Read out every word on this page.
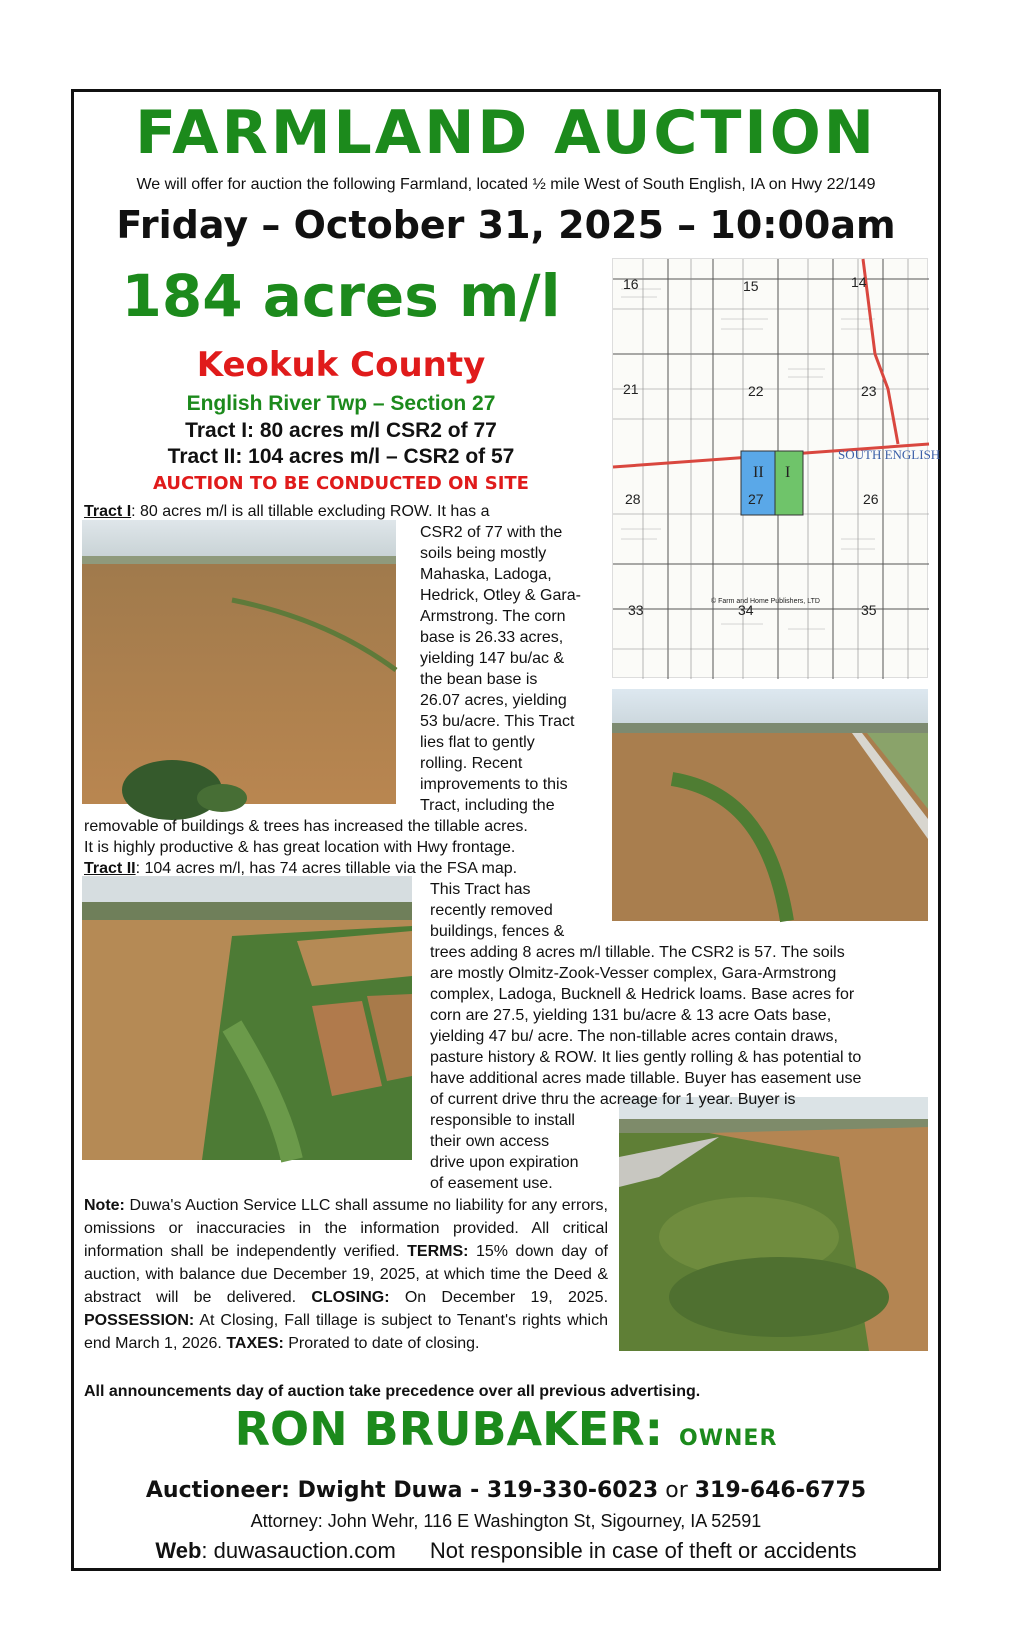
FARMLAND AUCTION
We will offer for auction the following Farmland, located ½ mile West of South English, IA on Hwy 22/149
Friday – October 31, 2025 – 10:00am
184 acres m/l
Keokuk County
English River Twp – Section 27
Tract I: 80 acres m/l CSR2 of 77
Tract II: 104 acres m/l – CSR2 of 57
AUCTION TO BE CONDUCTED ON SITE
II I
SOUTH ENGLISH
16	15	14
21	22	23
28	27	26
33	34	35
© Farm and Home Publishers, LTD
Tract I: 80 acres m/l is all tillable excluding ROW. It has a
CSR2 of 77 with the
soils being mostly
Mahaska, Ladoga,
Hedrick, Otley & Gara-
Armstrong. The corn
base is 26.33 acres,
yielding 147 bu/ac &
the bean base is
26.07 acres, yielding
53 bu/acre. This Tract
lies flat to gently
rolling. Recent
improvements to this
Tract, including the
removable of buildings & trees has increased the tillable acres.
It is highly productive & has great location with Hwy frontage.
Tract II: 104 acres m/l, has 74 acres tillable via the FSA map.
This Tract has
recently removed
buildings, fences &
trees adding 8 acres m/l tillable. The CSR2 is 57. The soils
are mostly Olmitz-Zook-Vesser complex, Gara-Armstrong
complex, Ladoga, Bucknell & Hedrick loams. Base acres for
corn are 27.5, yielding 131 bu/acre & 13 acre Oats base,
yielding 47 bu/ acre. The non-tillable acres contain draws,
pasture history & ROW. It lies gently rolling & has potential to
have additional acres made tillable. Buyer has easement use
of current drive thru the acreage for 1 year. Buyer is
responsible to install
their own access
drive upon expiration
of easement use.
Note: Duwa's Auction Service LLC shall assume no liability for any errors, omissions or inaccuracies in the information provided. All critical information shall be independently verified. TERMS: 15% down day of auction, with balance due December 19, 2025, at which time the Deed & abstract will be delivered. CLOSING: On December 19, 2025. POSSESSION: At Closing, Fall tillage is subject to Tenant's rights which end March 1, 2026. TAXES: Prorated to date of closing.
All announcements day of auction take precedence over all previous advertising.
RON BRUBAKER: OWNER
Auctioneer: Dwight Duwa - 319-330-6023 or 319-646-6775
Attorney: John Wehr, 116 E Washington St, Sigourney, IA 52591
Web: duwasauction.com Not responsible in case of theft or accidents
